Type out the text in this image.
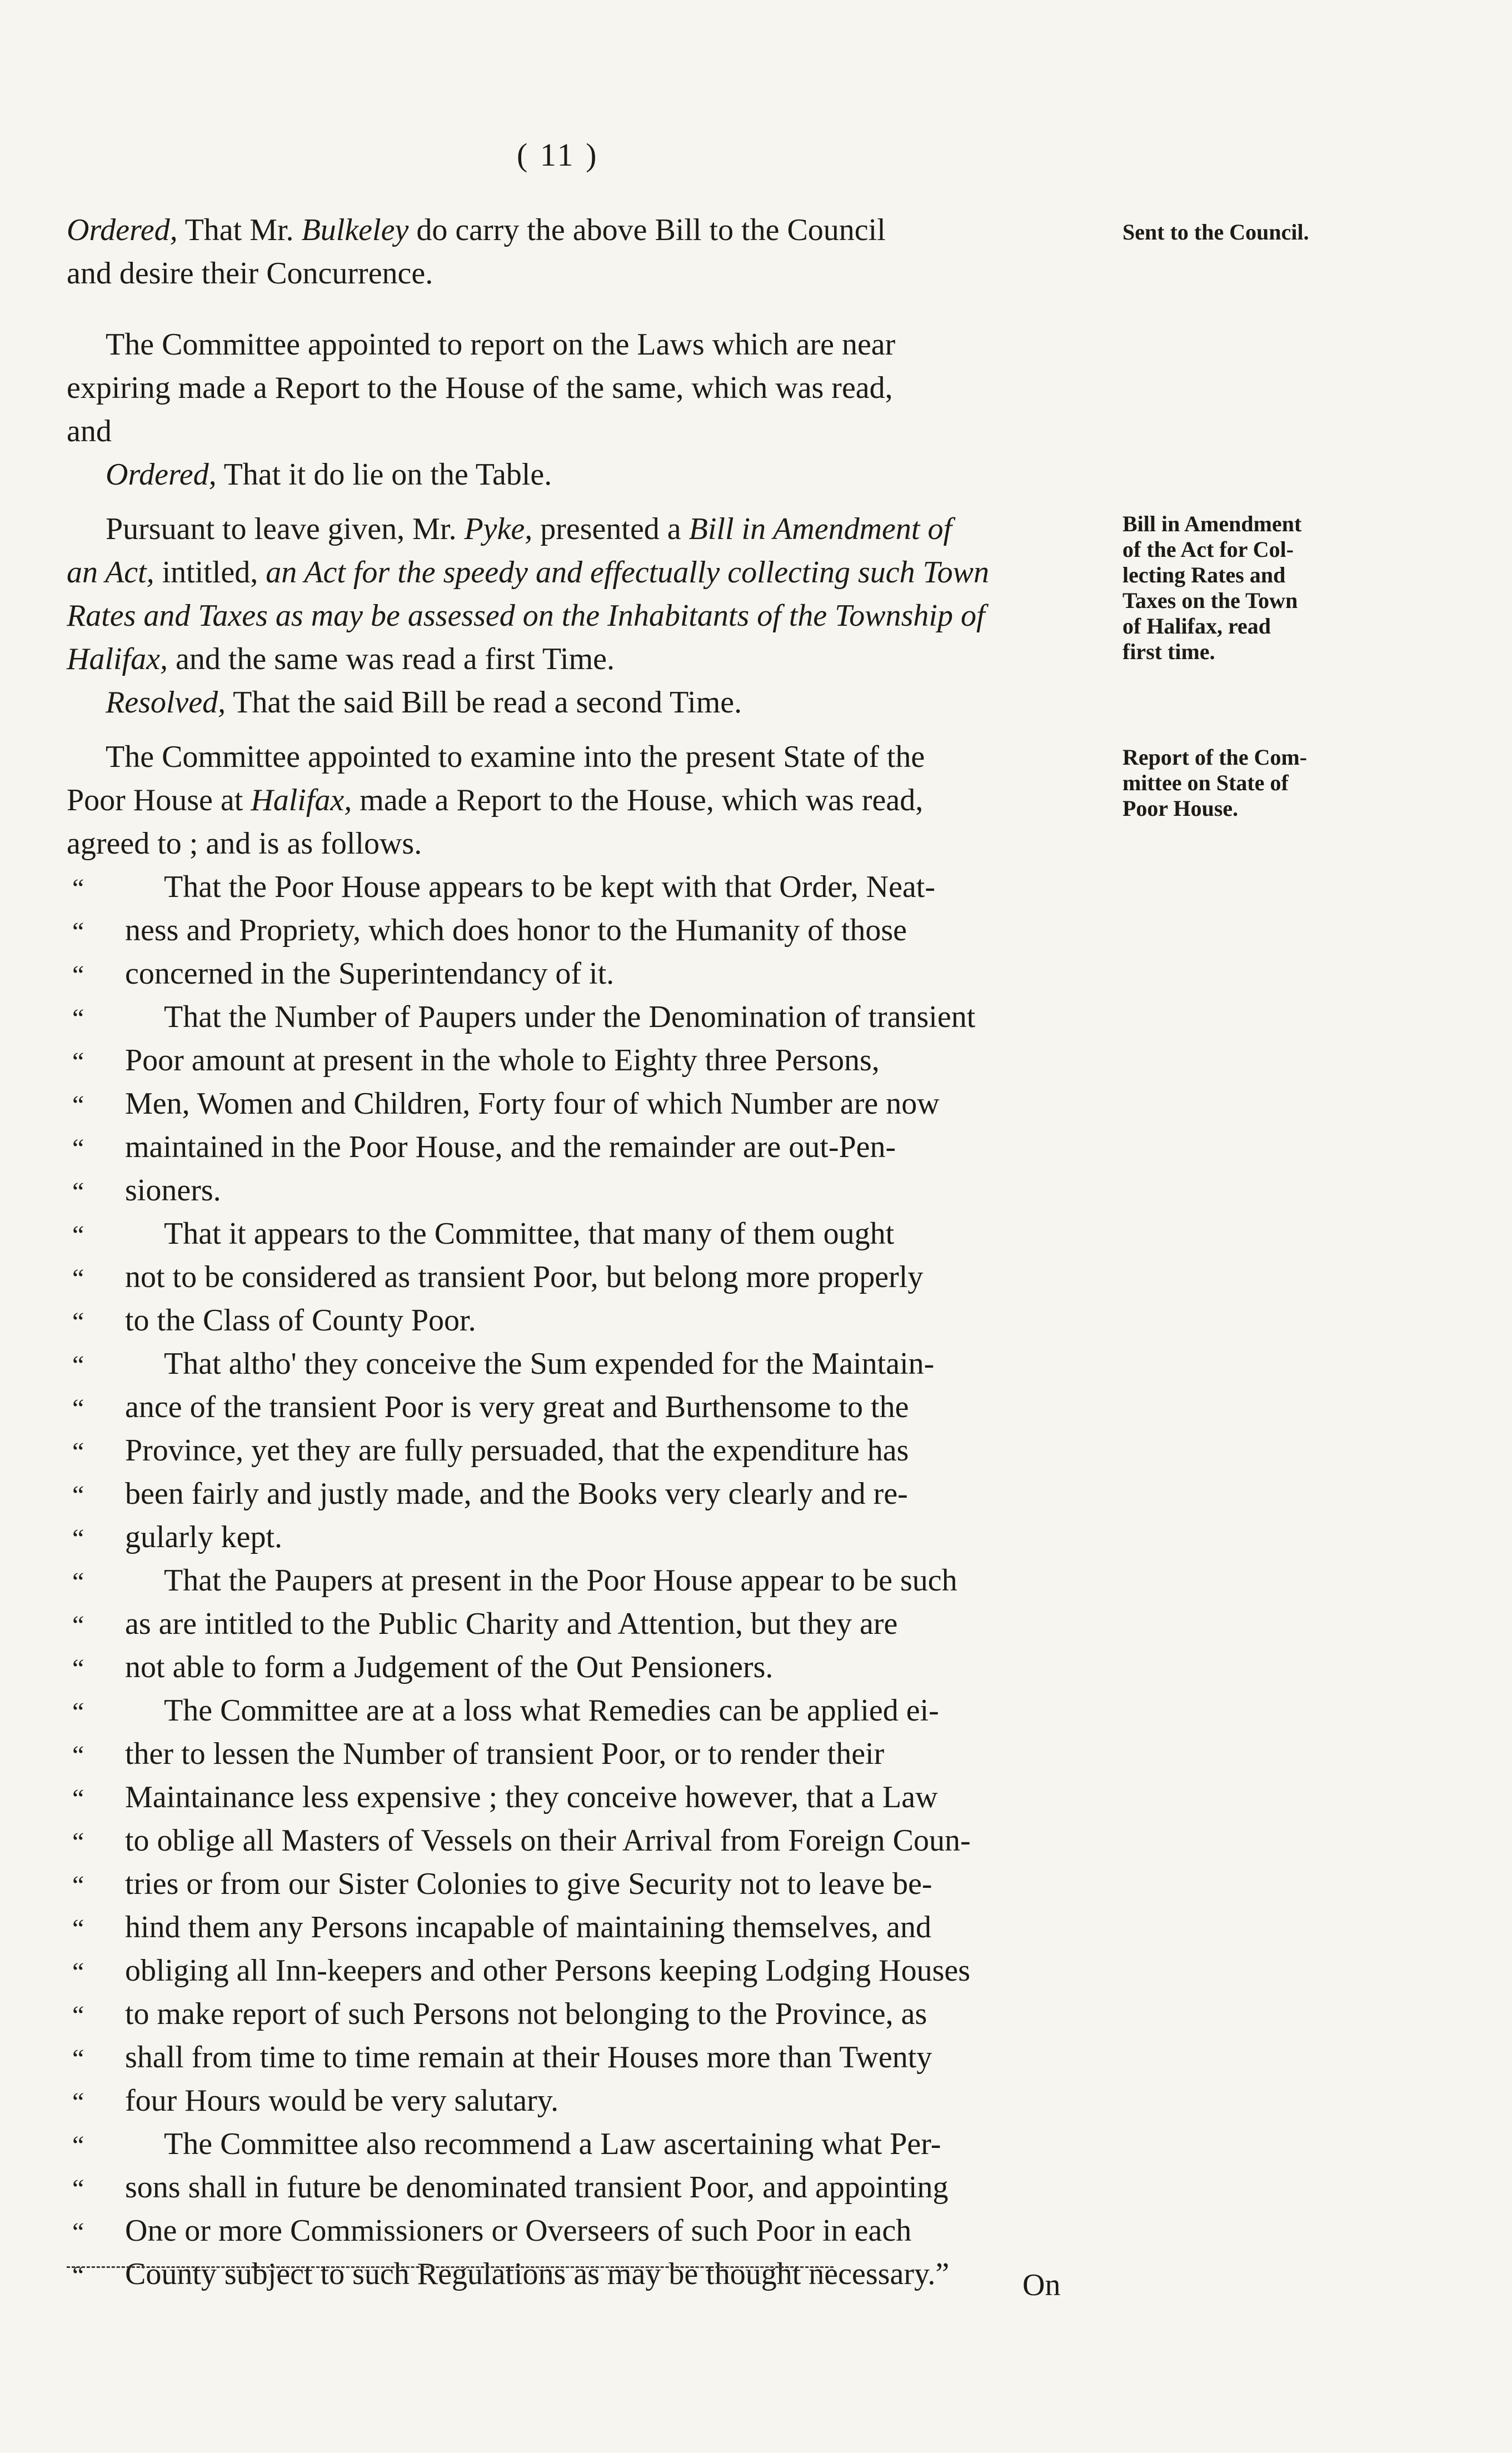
( 11 )
Sent to the Council.
Bill in Amendment
of the Act for Col-
lecting Rates and
Taxes on the Town
of Halifax, read
first time.
Report of the Com-
mittee on State of
Poor House.
Ordered, That Mr. Bulkeley do carry the above Bill to the Council
and desire their Concurrence.
The Committee appointed to report on the Laws which are near
expiring made a Report to the House of the same, which was read,
and
Ordered, That it do lie on the Table.
Pursuant to leave given, Mr. Pyke, presented a Bill in Amendment of
an Act, intitled, an Act for the speedy and effectually collecting such Town
Rates and Taxes as may be assessed on the Inhabitants of the Township of
Halifax, and the same was read a first Time.
Resolved, That the said Bill be read a second Time.
The Committee appointed to examine into the present State of the
Poor House at Halifax, made a Report to the House, which was read,
agreed to ; and is as follows.
“	That the Poor House appears to be kept with that Order, Neat-
“ ness and Propriety, which does honor to the Humanity of those
“ concerned in the Superintendancy of it.
“	That the Number of Paupers under the Denomination of transient
“ Poor amount at present in the whole to Eighty three Persons,
“ Men, Women and Children, Forty four of which Number are now
“ maintained in the Poor House, and the remainder are out-Pen-
“ sioners.
“	That it appears to the Committee, that many of them ought
“ not to be considered as transient Poor, but belong more properly
“ to the Class of County Poor.
“	That altho' they conceive the Sum expended for the Maintain-
“ ance of the transient Poor is very great and Burthensome to the
“ Province, yet they are fully persuaded, that the expenditure has
“ been fairly and justly made, and the Books very clearly and re-
“ gularly kept.
“	That the Paupers at present in the Poor House appear to be such
“ as are intitled to the Public Charity and Attention, but they are
“ not able to form a Judgement of the Out Pensioners.
“	The Committee are at a loss what Remedies can be applied ei-
“ ther to lessen the Number of transient Poor, or to render their
“ Maintainance less expensive ; they conceive however, that a Law
“ to oblige all Masters of Vessels on their Arrival from Foreign Coun-
“ tries or from our Sister Colonies to give Security not to leave be-
“ hind them any Persons incapable of maintaining themselves, and
“ obliging all Inn-keepers and other Persons keeping Lodging Houses
“ to make report of such Persons not belonging to the Province, as
“ shall from time to time remain at their Houses more than Twenty
“ four Hours would be very salutary.
“	The Committee also recommend a Law ascertaining what Per-
“ sons shall in future be denominated transient Poor, and appointing
“ One or more Commissioners or Overseers of such Poor in each
“ County subject to such Regulations as may be thought necessary.”	On
